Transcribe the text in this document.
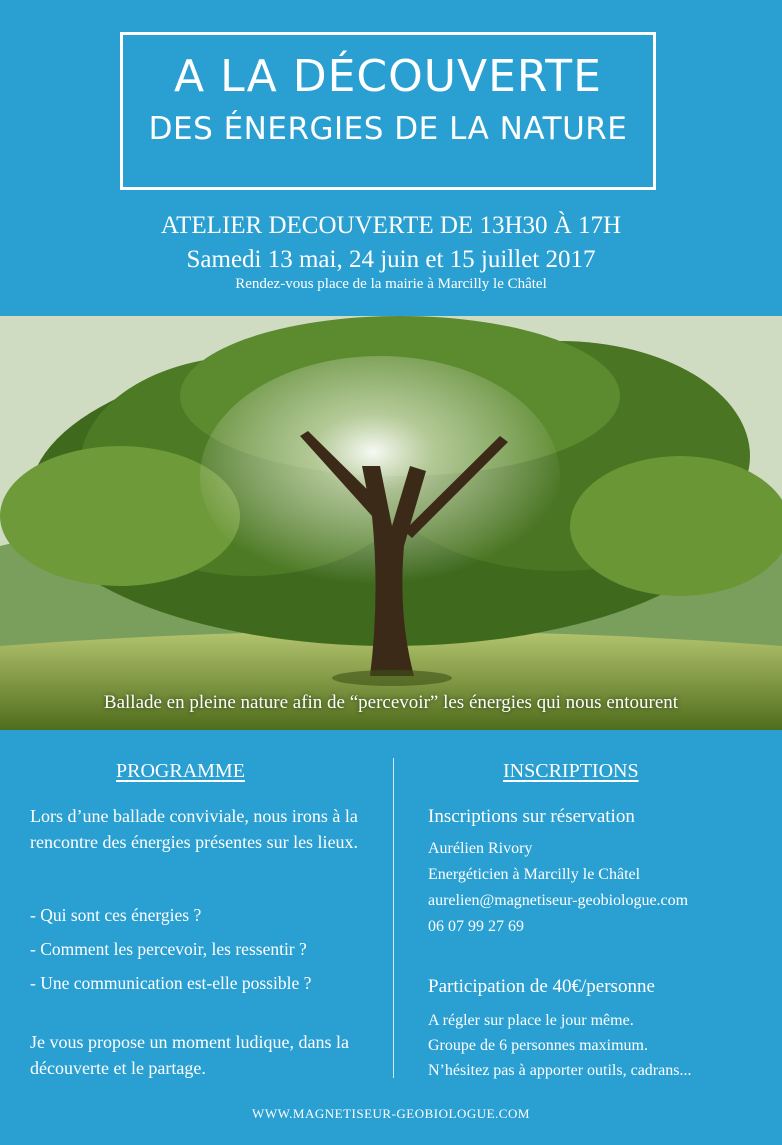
A LA DÉCOUVERTE
DES ÉNERGIES DE LA NATURE
ATELIER DECOUVERTE DE 13H30 À 17H
Samedi 13 mai, 24 juin et 15 juillet 2017
Rendez-vous place de la mairie à Marcilly le Châtel
Ballade en pleine nature afin de “percevoir” les énergies qui nous entourent
PROGRAMME	INSCRIPTIONS
Lors d’une ballade conviviale, nous irons à la rencontre des énergies présentes sur les lieux.
- Qui sont ces énergies ?
- Comment les percevoir, les ressentir ?
- Une communication est-elle possible ?
Je vous propose un moment ludique, dans la découverte et le partage.
Inscriptions sur réservation
Aurélien Rivory
Energéticien à Marcilly le Châtel
aurelien@magnetiseur-geobiologue.com
06 07 99 27 69
Participation de 40€/personne
A régler sur place le jour même.
Groupe de 6 personnes maximum.
N’hésitez pas à apporter outils, cadrans...
WWW.MAGNETISEUR-GEOBIOLOGUE.COM
